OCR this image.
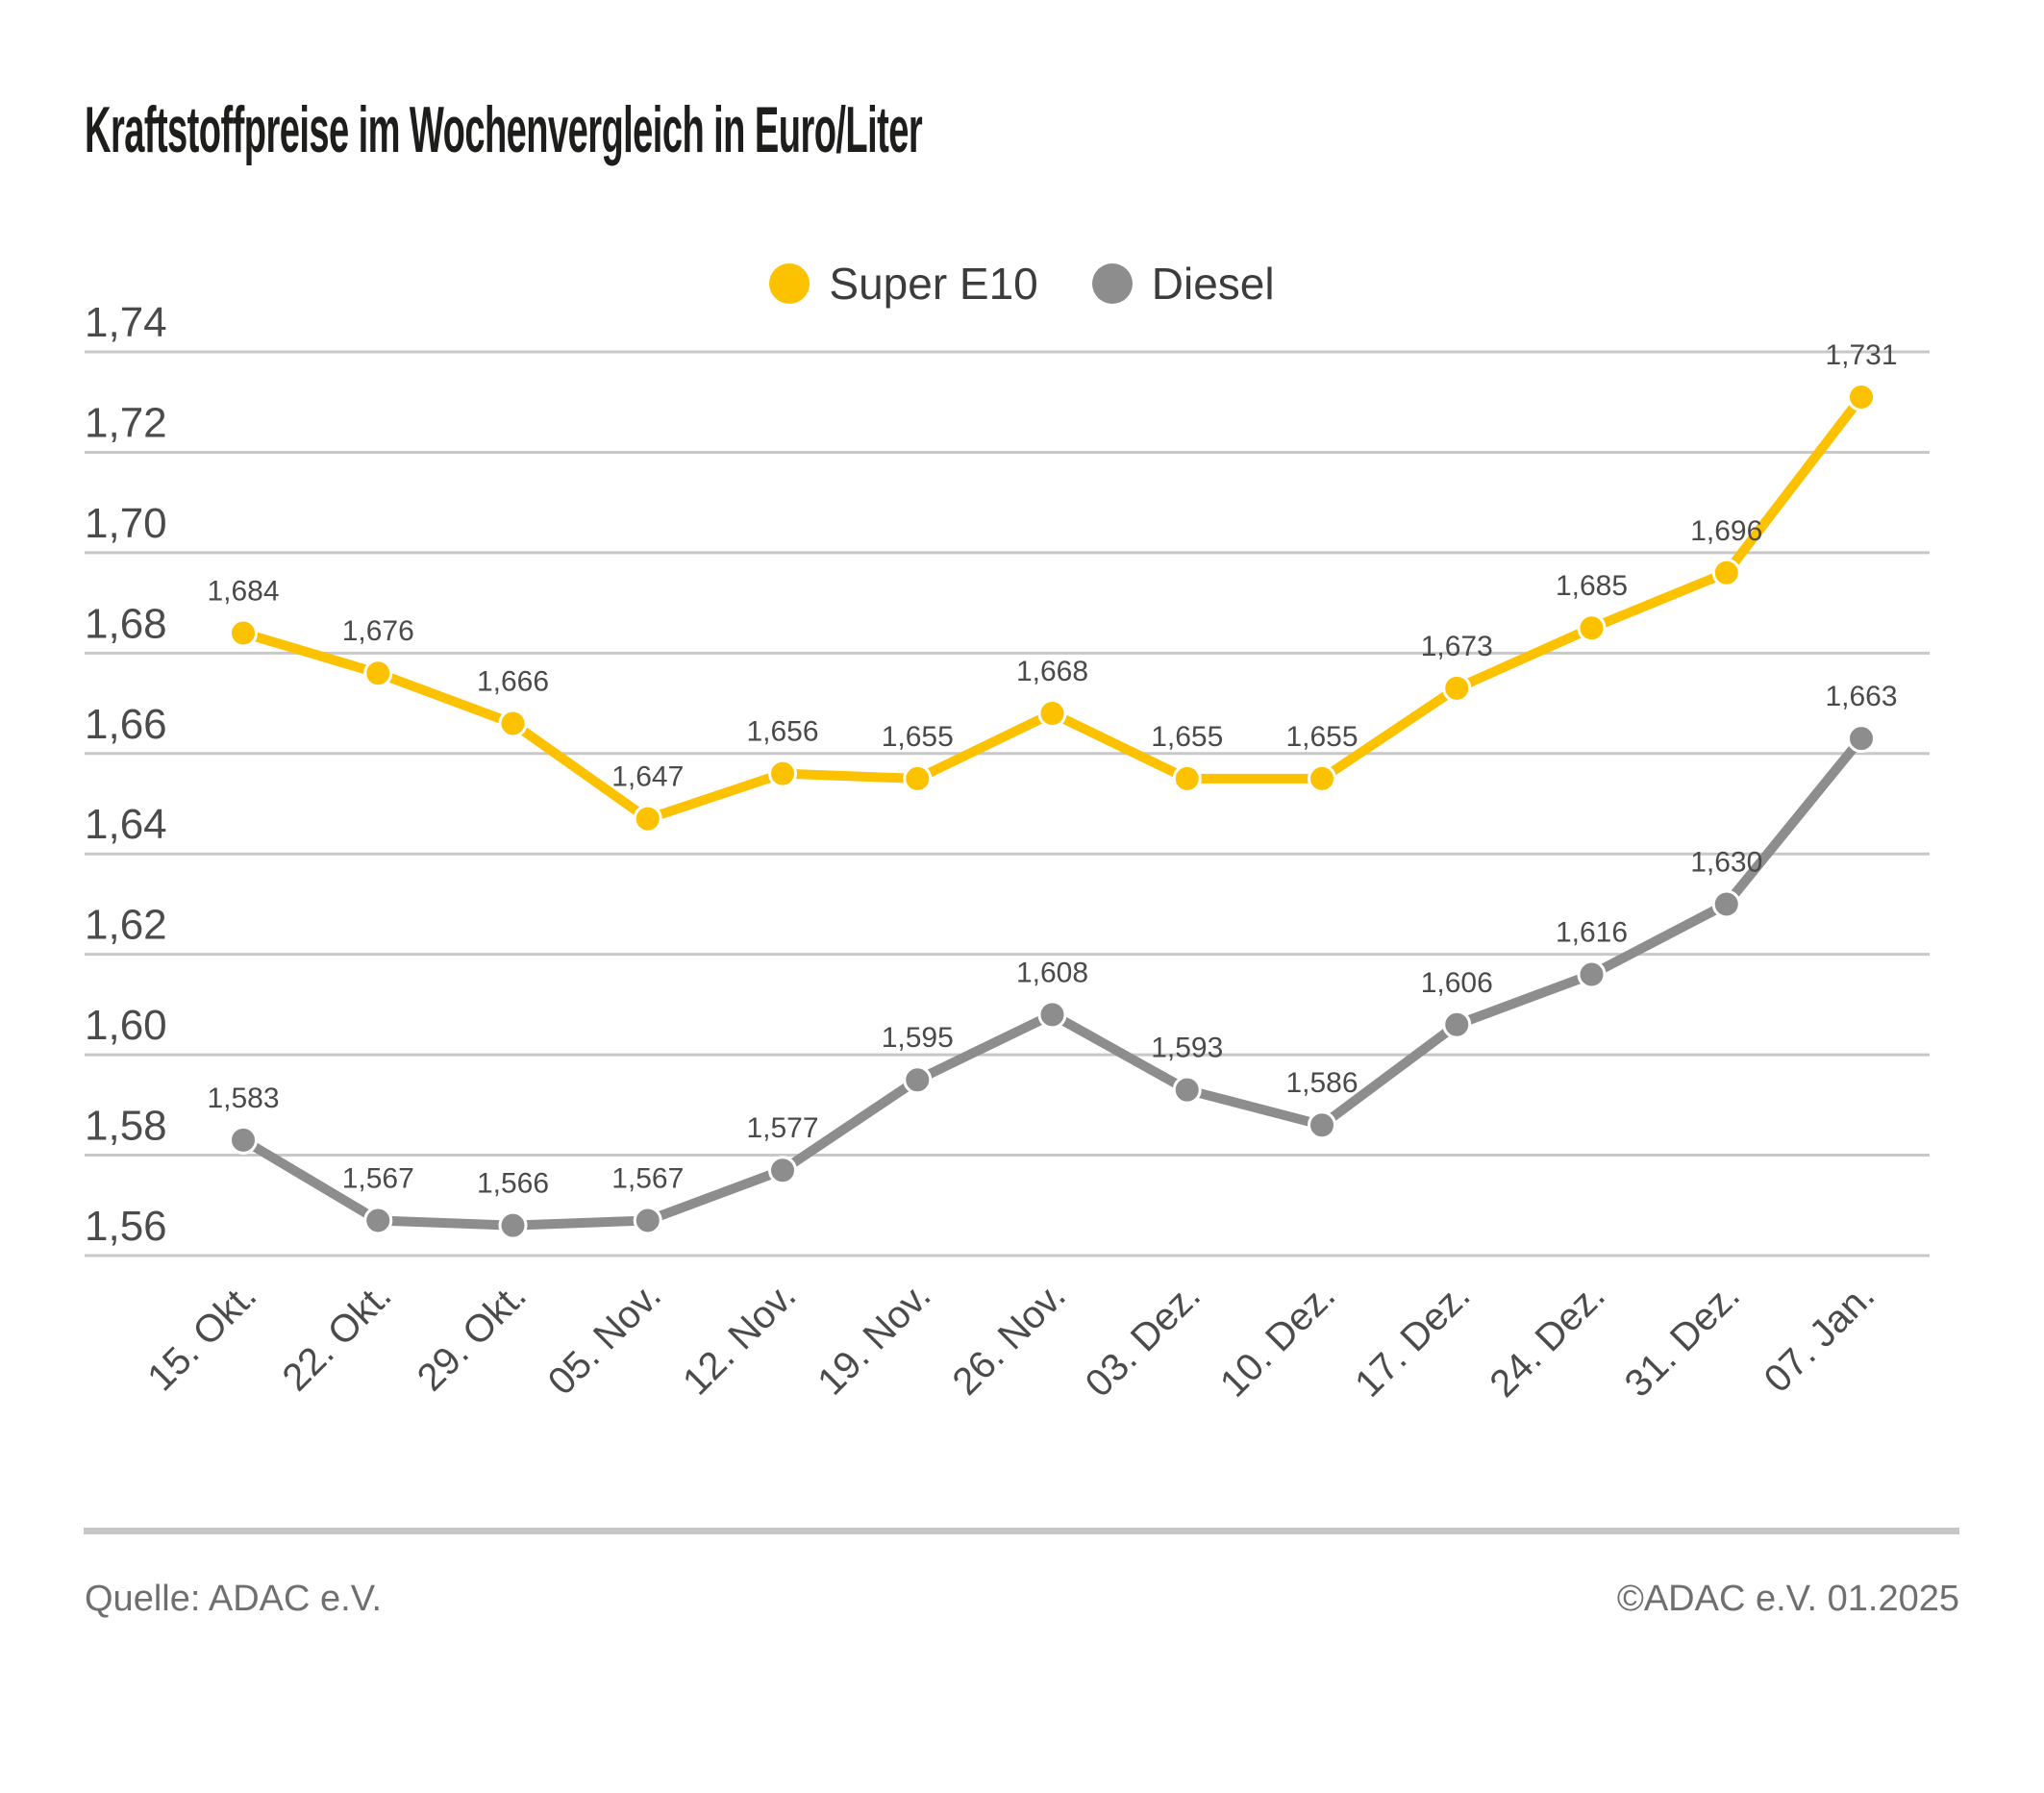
Kraftstoffpreise im Wochenvergleich in Euro/Liter
Super E10	Diesel
1,74
1,72
1,70
1,68
1,66
1,64
1,62
1,60
1,58
1,56
15. Okt. 22. Okt. 29. Okt. 05. Nov. 12. Nov. 19. Nov. 26. Nov. 03. Dez. 10. Dez. 17. Dez. 24. Dez. 31. Dez. 07. Jan.
1,684
1,676
1,666
1,647
1,656 1,655
1,668
1,655 1,655
1,673
1,685
1,696
1,731
1,583
1,567 1,566 1,567
1,577
1,595
1,608
1,593
1,586
1,606
1,616
1,630
1,663
Quelle: ADAC e.V.	©ADAC e.V. 01.2025
